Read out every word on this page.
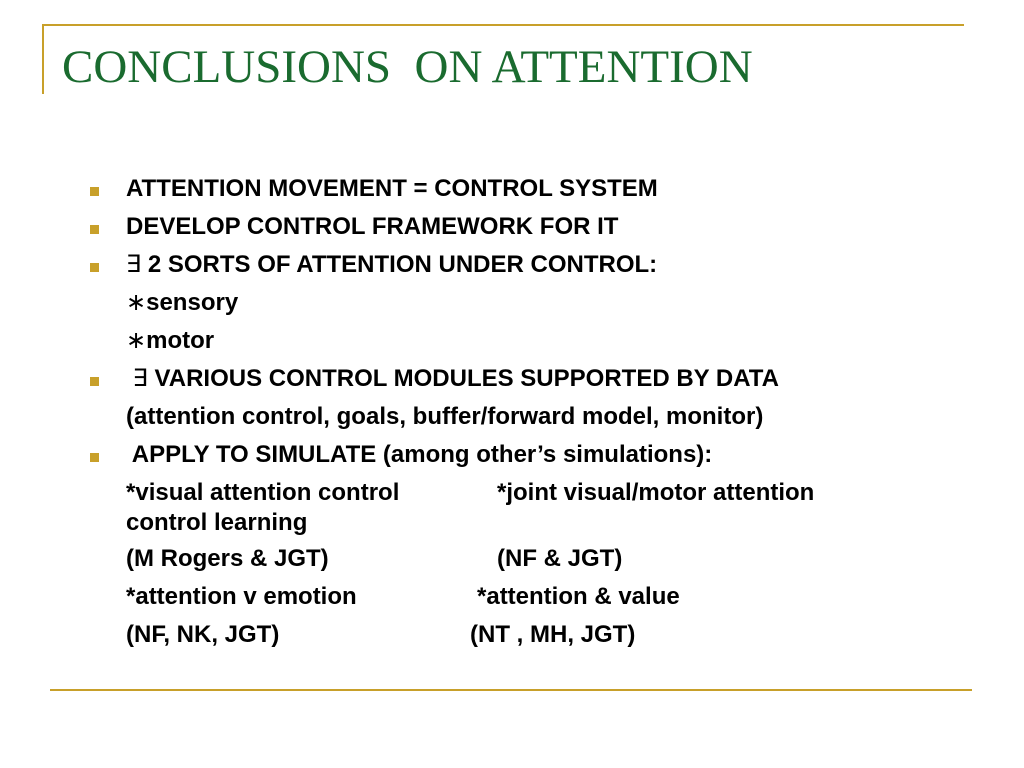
CONCLUSIONS  ON ATTENTION
ATTENTION MOVEMENT = CONTROL SYSTEM
DEVELOP CONTROL FRAMEWORK FOR IT
∃ 2 SORTS OF ATTENTION UNDER CONTROL:
∗sensory
∗motor
∃ VARIOUS CONTROL MODULES SUPPORTED BY DATA
(attention control, goals, buffer/forward model, monitor)
APPLY TO SIMULATE (among other’s simulations):
*visual attention control	*joint visual/motor attention
control learning
(M Rogers & JGT)	(NF & JGT)
*attention v emotion	*attention & value
(NF, NK, JGT)	(NT , MH, JGT)
